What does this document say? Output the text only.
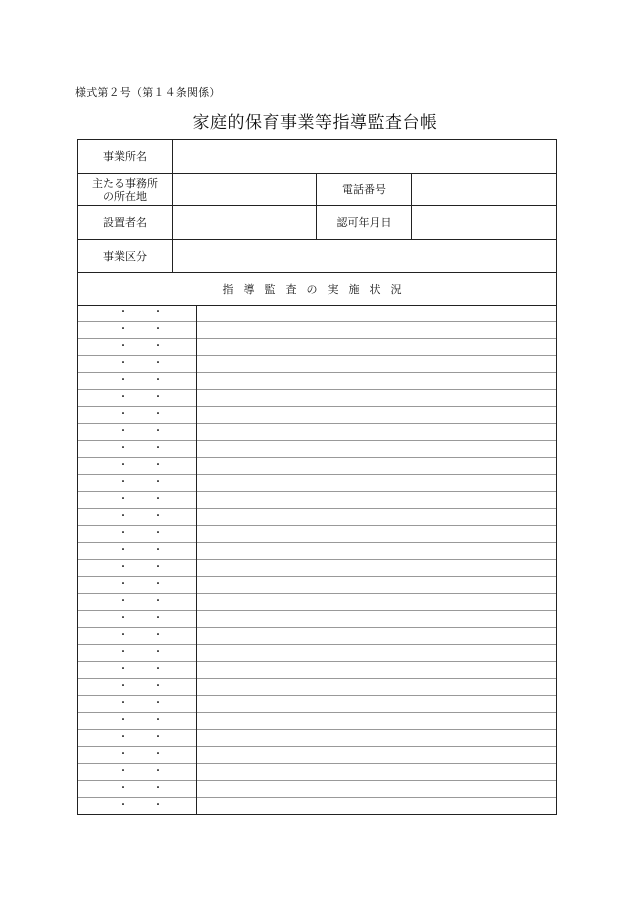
様式第２号（第１４条関係）
家庭的保育事業等指導監査台帳
事業所名			
主たる事務所
の所在地		電話番号	
設置者名		認可年月日	
事業区分			
指導監査の実施状況			
・ ・	

・ ・	

・ ・	

・ ・	

・ ・	

・ ・	

・ ・	

・ ・	

・ ・	

・ ・	

・ ・	

・ ・	

・ ・	

・ ・	

・ ・	

・ ・	

・ ・	

・ ・	

・ ・	

・ ・	

・ ・	

・ ・	

・ ・	

・ ・	

・ ・	

・ ・	

・ ・	

・ ・	

・ ・	

・ ・	
